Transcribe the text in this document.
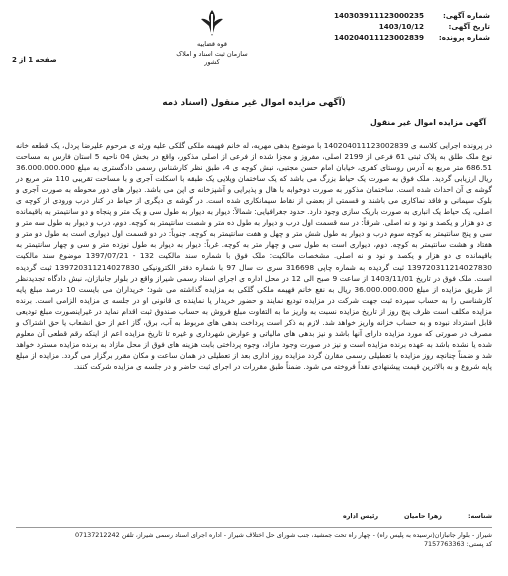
شماره آگهی:
140303911123000235
تاریخ آگهی:
1403/10/12
شماره پرونده:
140204011123002839
قوه قضاییه
سازمان ثبت اسناد و املاک کشور
صفحه 1 از 2
(آگهی مزایده اموال غیر منقول (اسناد ذمه
آگهی مزایده اموال غیر منقول
در پرونده اجرایی کلاسه ی 140204011123002839 با موضوع بدهی مهریه، له خانم فهیمه ملکی گلکی علیه ورثه ی مرحوم علیرضا پردل، یک قطعه خانه نوع ملک طلق به پلاک ثبتی 61 فرعی از 2199 اصلی، مفروز و مجزا شده از فرعی از اصلی مذکور، واقع در بخش 04 ناحیه 5 استان فارس به مساحت 686.51 متر مربع به آدرس روستای کفری، خیابان امام حسن مجتبی، نبش کوچه ی 4، طبق نظر کارشناس رسمی دادگستری به مبلغ 36.000.000.000 ریال ارزیابی گردید. ملک فوق به صورت یک حیاط بزرگ می باشد که یک ساختمان ویلایی یک طبقه با اسکلت آجری و با مساحت تقریبی 110 متر مربع در گوشه ی آن احداث شده است. ساختمان مذکور به صورت دوخوابه با هال و پذیرایی و آشپزخانه ی اپن می باشد. دیوار های دور محوطه به صورت آجری و بلوک سیمانی و فاقد نماکاری می باشند و قسمتی از بعضی از نقاط سیمانکاری شده است. در گوشه ی دیگری از حیاط در کنار درب ورودی از کوچه ی اصلی، یک حیاط یک انباری به صورت باریک سازی وجود دارد. حدود جغرافیایی: شمالاً: دیوار به دیوار به طول سی و یک متر و پنجاه و دو سانتیمتر به باقیمانده ی دو هزار و یکصد و نود و نه اصلی. شرقاً: در سه قسمت اول درب و دیوار به طول ده متر و شصت سانتیمتر به کوچه. دوم، درب و دیوار به طول سه متر و سی و پنج سانتیمتر به کوچه سوم درب و دیوار به طول شش متر و چهل و هفت سانتیمتر به کوچه. جنوباً: در دو قسمت اول دیواری است به طول دو متر و هفتاد و هشت سانتیمتر به کوچه. دوم، دیواری است به طول سی و چهار متر به کوچه. غرباً: دیوار به دیوار به طول نوزده متر و سی و چهار سانتیمتر به باقیمانده ی دو هزار و یکصد و نود و نه اصلی. مشخصات مالکیت: ملک فوق با شماره سند مالکیت 132 - 1397/07/21 موضوع سند مالکیت 139720311214027830 ثبت گردیده به شماره چاپی 316698 سری ت سال 97 با شماره دفتر الکترونیکی 139720311214027830 ثبت گردیده است. ملک فوق در تاریخ 1403/11/01 از ساعت 9 صبح الی 12 در محل اداره ی اجرای اسناد رسمی شیراز واقع در بلوار جانبازان، نبش دادگاه تجدیدنظر از طریق مزایده از مبلغ 36.000.000.000 ریال به نفع خانم فهیمه ملکی گلکی به مزایده گذاشته می شود؛ خریداران می بایست 10 درصد مبلغ پایه کارشناسی را به حساب سپرده ثبت جهت شرکت در مزایده تودیع نمایند و حضور خریدار یا نماینده ی قانونی او در جلسه ی مزایده الزامی است. برنده مزایده مکلف است ظرف پنج روز از تاریخ مزایده نسبت به واریز ما به التفاوت مبلغ فروش به حساب صندوق ثبت اقدام نماید در غیراینصورت مبلغ تودیعی قابل استرداد نبوده و به حساب خزانه واریز خواهد شد. لازم به ذکر است پرداخت بدهی های مربوط به آب، برق، گاز اعم از حق انشعاب یا حق اشتراک و مصرف در صورتی که مورد مزایده دارای آنها باشد و نیز بدهی های مالیاتی و عوارض شهرداری و غیره تا تاریخ مزایده اعم از اینکه رقم قطعی آن معلوم شده یا نشده باشد به عهده برنده مزایده است و نیز در صورت وجود مازاد، وجوه پرداختی بابت هزینه های فوق از محل مازاد به برنده مزایده مسترد خواهد شد و ضمناً چنانچه روز مزایده با تعطیلی رسمی مقارن گردد مزایده روز اداری بعد از تعطیلی در همان ساعت و مکان مقرر برگزار می گردد. مزایده از مبلغ پایه شروع و به بالاترین قیمت پیشنهادی نقداً فروخته می شود. ضمناً طبق مقررات در اجرای ثبت حاضر و در جلسه ی مزایده شرکت کنند.
شناسه:
زهرا حامیان
رئیس اداره
شیراز - بلوار جانبازان(نرسیده به پلیس راه) - چهار راه تحت جمشید، جنب شورای حل اختلاف شیراز - اداره اجرای اسناد رسمی شیراز، تلفن 07137212242
کد پستی: 7157763363
